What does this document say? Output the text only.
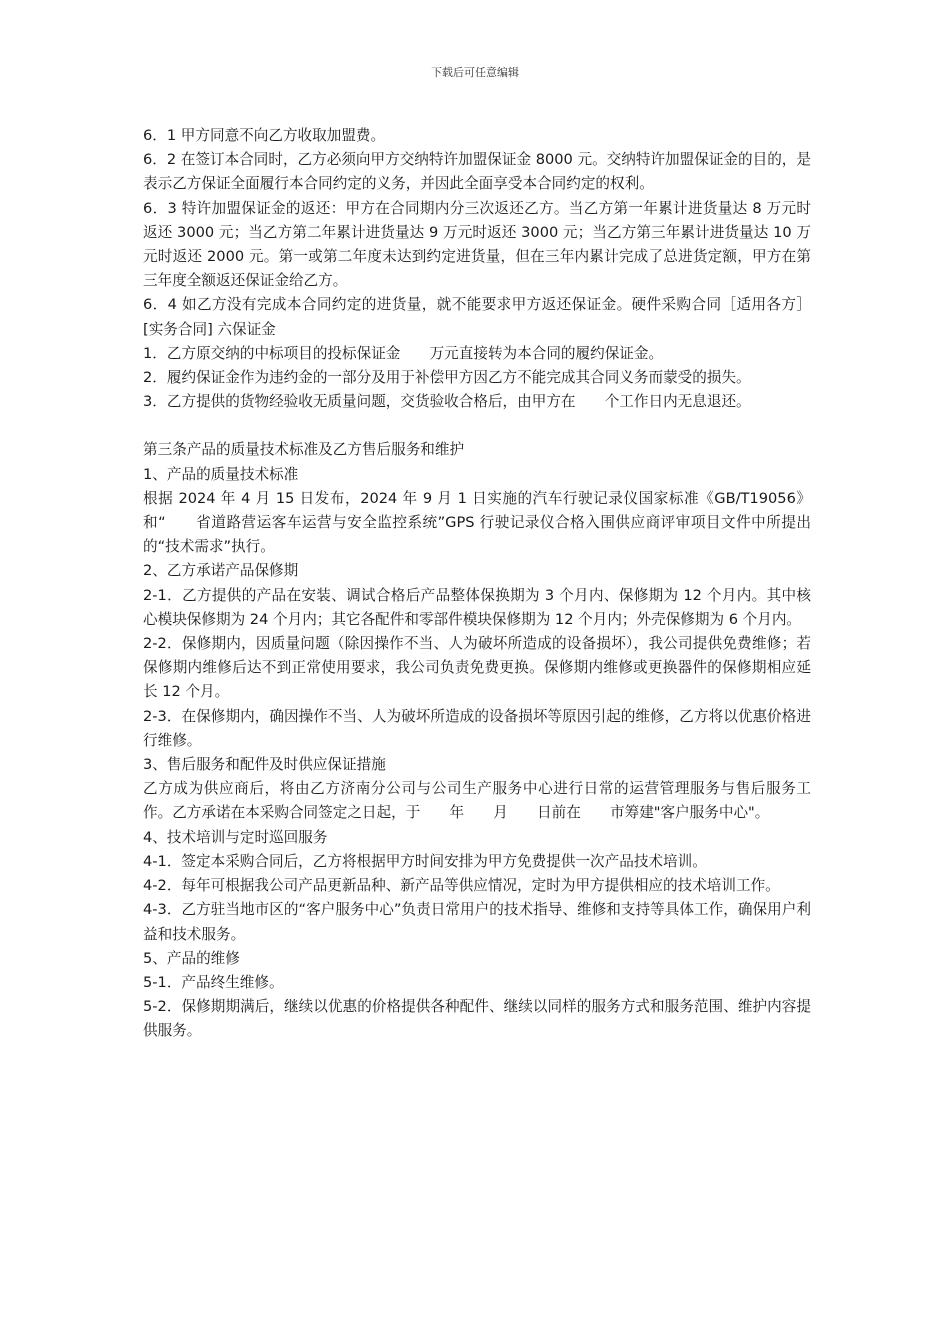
下载后可任意编辑

6．1 甲方同意不向乙方收取加盟费。

6．2 在签订本合同时，乙方必须向甲方交纳特许加盟保证金 8000 元。交纳特许加盟保证金的目的，是表示乙方保证全面履行本合同约定的义务，并因此全面享受本合同约定的权利。

6．3 特许加盟保证金的返还：甲方在合同期内分三次返还乙方。当乙方第一年累计进货量达 8 万元时返还 3000 元；当乙方第二年累计进货量达 9 万元时返还 3000 元；当乙方第三年累计进货量达 10 万元时返还 2000 元。第一或第二年度未达到约定进货量，但在三年内累计完成了总进货定额，甲方在第三年度全额返还保证金给乙方。

6．4 如乙方没有完成本合同约定的进货量，就不能要求甲方返还保证金。硬件采购合同［适用各方］[实务合同] 六保证金

1．乙方原交纳的中标项目的投标保证金　　万元直接转为本合同的履约保证金。

2．履约保证金作为违约金的一部分及用于补偿甲方因乙方不能完成其合同义务而蒙受的损失。

3．乙方提供的货物经验收无质量问题，交货验收合格后，由甲方在　　个工作日内无息退还。

第三条产品的质量技术标准及乙方售后服务和维护

1、产品的质量技术标准

根据 2024 年 4 月 15 日发布，2024 年 9 月 1 日实施的汽车行驶记录仪国家标准《GB/T19056》和“　　省道路营运客车运营与安全监控系统”GPS 行驶记录仪合格入围供应商评审项目文件中所提出的“技术需求”执行。

2、乙方承诺产品保修期

2-1．乙方提供的产品在安装、调试合格后产品整体保换期为 3 个月内、保修期为 12 个月内。其中核心模块保修期为 24 个月内；其它各配件和零部件模块保修期为 12 个月内；外壳保修期为 6 个月内。

2-2．保修期内，因质量问题（除因操作不当、人为破坏所造成的设备损坏），我公司提供免费维修；若保修期内维修后达不到正常使用要求，我公司负责免费更换。保修期内维修或更换器件的保修期相应延长 12 个月。

2-3．在保修期内，确因操作不当、人为破坏所造成的设备损坏等原因引起的维修，乙方将以优惠价格进行维修。

3、售后服务和配件及时供应保证措施

乙方成为供应商后，将由乙方济南分公司与公司生产服务中心进行日常的运营管理服务与售后服务工作。乙方承诺在本采购合同签定之日起，于　　年　　月　　日前在　　市筹建"客户服务中心"。

4、技术培训与定时巡回服务

4-1．签定本采购合同后，乙方将根据甲方时间安排为甲方免费提供一次产品技术培训。

4-2．每年可根据我公司产品更新品种、新产品等供应情况，定时为甲方提供相应的技术培训工作。

4-3．乙方驻当地市区的“客户服务中心”负责日常用户的技术指导、维修和支持等具体工作，确保用户利益和技术服务。

5、产品的维修

5-1．产品终生维修。

5-2．保修期期满后，继续以优惠的价格提供各种配件、继续以同样的服务方式和服务范围、维护内容提供服务。
